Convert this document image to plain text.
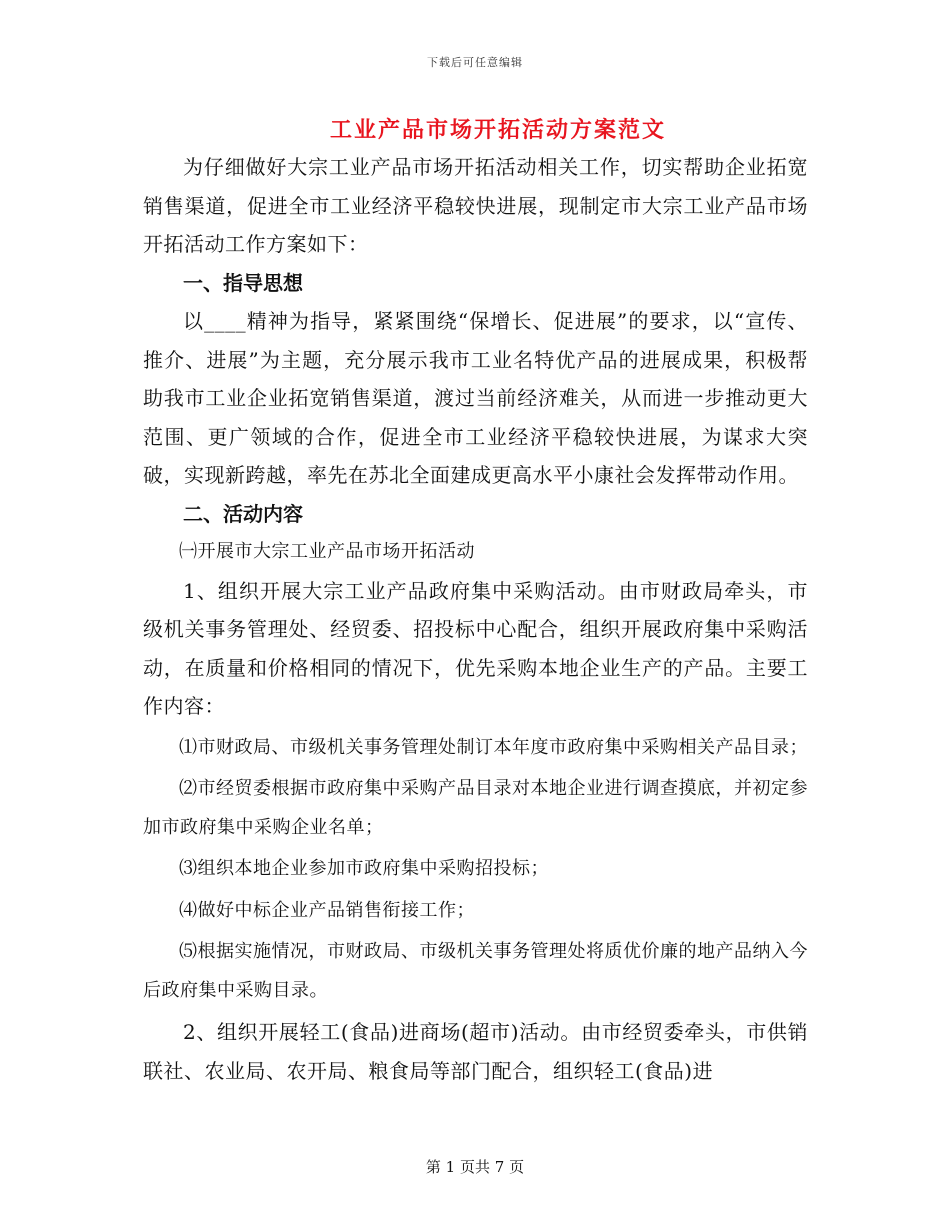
下载后可任意编辑
工业产品市场开拓活动方案范文

为仔细做好大宗工业产品市场开拓活动相关工作，切实帮助企业拓宽销售渠道，促进全市工业经济平稳较快进展，现制定市大宗工业产品市场开拓活动工作方案如下：

一、指导思想

以____精神为指导，紧紧围绕“保增长、促进展”的要求，以“宣传、推介、进展”为主题，充分展示我市工业名特优产品的进展成果，积极帮助我市工业企业拓宽销售渠道，渡过当前经济难关，从而进一步推动更大范围、更广领域的合作，促进全市工业经济平稳较快进展，为谋求大突破，实现新跨越，率先在苏北全面建成更高水平小康社会发挥带动作用。

二、活动内容

㈠开展市大宗工业产品市场开拓活动

1、组织开展大宗工业产品政府集中采购活动。由市财政局牵头，市级机关事务管理处、经贸委、招投标中心配合，组织开展政府集中采购活动，在质量和价格相同的情况下，优先采购本地企业生产的产品。主要工作内容：

⑴市财政局、市级机关事务管理处制订本年度市政府集中采购相关产品目录；

⑵市经贸委根据市政府集中采购产品目录对本地企业进行调查摸底，并初定参加市政府集中采购企业名单；

⑶组织本地企业参加市政府集中采购招投标；

⑷做好中标企业产品销售衔接工作；

⑸根据实施情况，市财政局、市级机关事务管理处将质优价廉的地产品纳入今后政府集中采购目录。

2、组织开展轻工(食品)进商场(超市)活动。由市经贸委牵头，市供销联社、农业局、农开局、粮食局等部门配合，组织轻工(食品)进

第 1 页共 7 页
